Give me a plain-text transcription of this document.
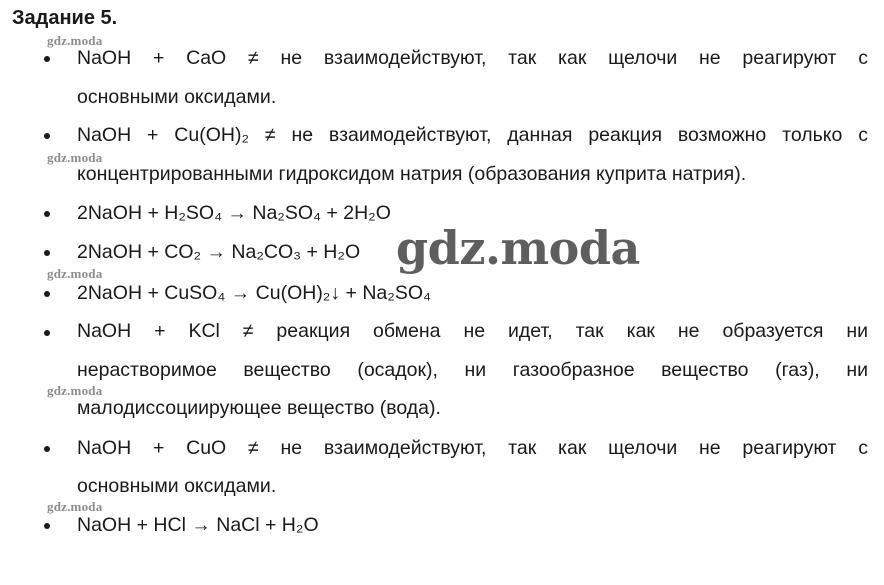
Задание 5.
NaOH + CaO ≠ не взаимодействуют, так как щелочи не реагируют с
основными оксидами.
NaOH + Cu(OH)₂ ≠ не взаимодействуют, данная реакция возможно только с
концентрированными гидроксидом натрия (образования куприта натрия).
2NaOH + H₂SO₄ → Na₂SO₄ + 2H₂O
2NaOH + CO₂ → Na₂CO₃ + H₂O
2NaOH + CuSO₄ → Cu(OH)₂↓ + Na₂SO₄
NaOH + KCl ≠ реакция обмена не идет, так как не образуется ни
нерастворимое вещество (осадок), ни газообразное вещество (газ), ни
малодиссоциирующее вещество (вода).
NaOH + CuO ≠ не взаимодействуют, так как щелочи не реагируют с
основными оксидами.
NaOH + HCl → NaCl + H₂O
gdz.moda
gdz.moda
gdz.moda
gdz.moda
gdz.moda
gdz.moda
